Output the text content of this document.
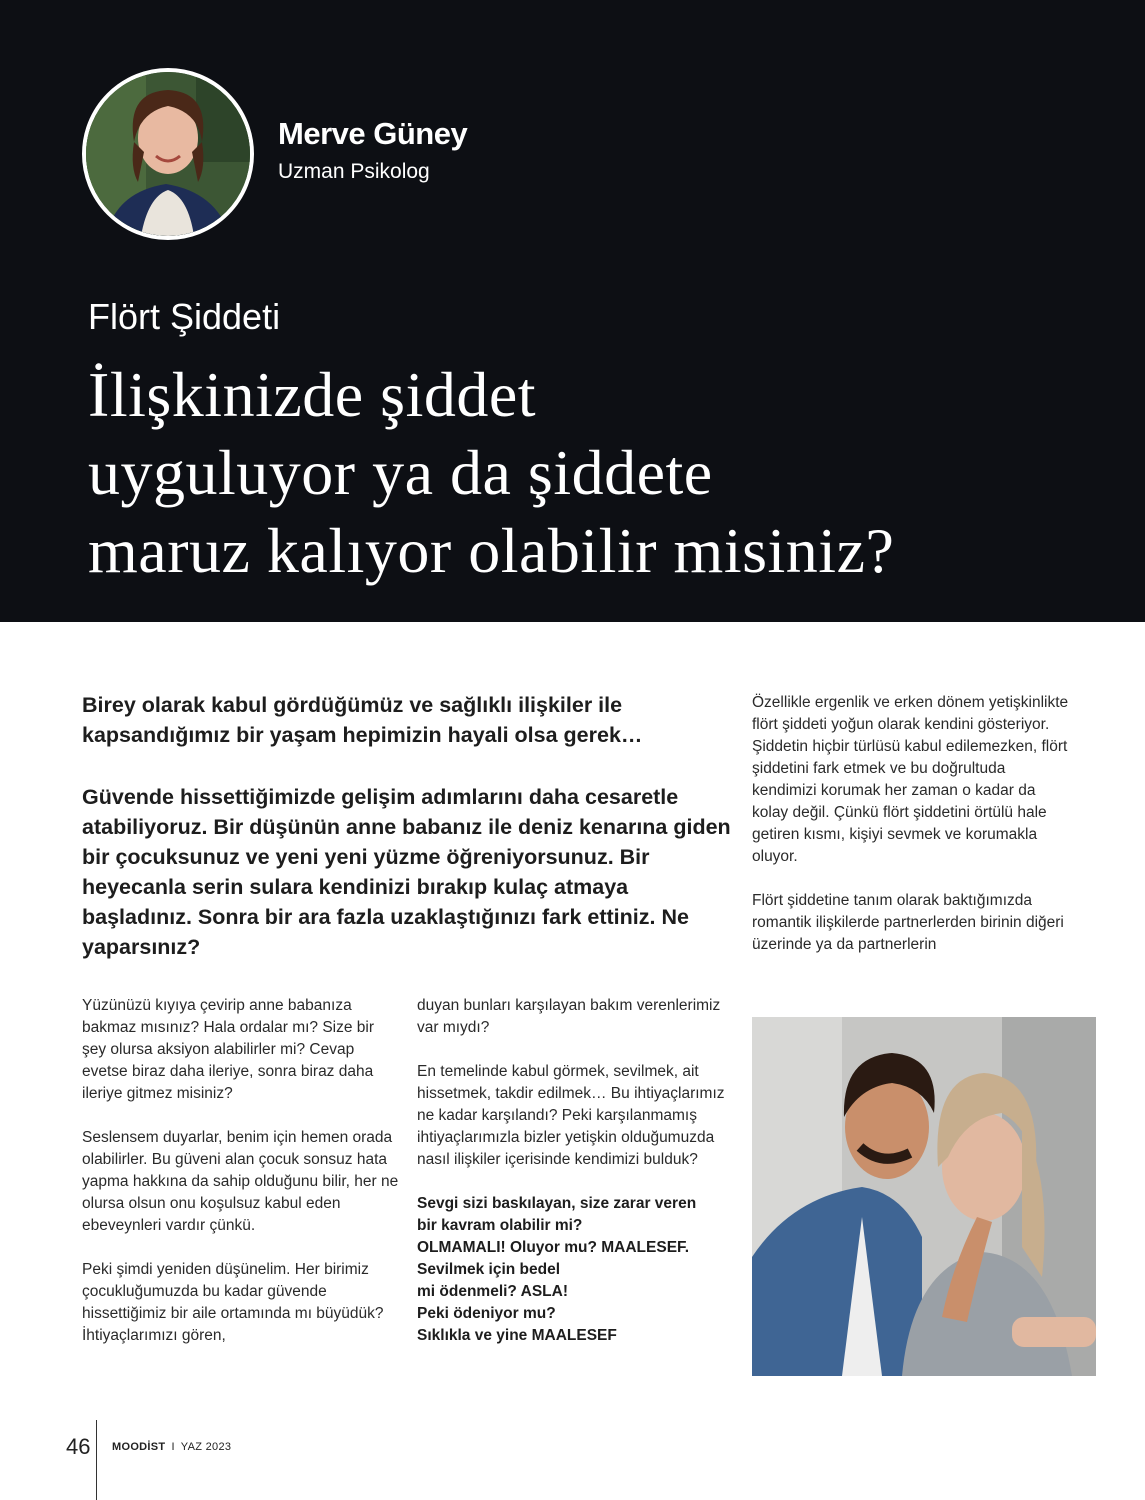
Merve Güney

Uzman Psikolog

Flört Şiddeti
İlişkinizde şiddet
uyguluyor ya da şiddete
maruz kalıyor olabilir misiniz?

Birey olarak kabul gördüğümüz ve sağlıklı ilişkiler ile kapsandığımız bir yaşam hepimizin hayali olsa gerek…

Güvende hissettiğimizde gelişim adımlarını daha cesaretle atabiliyoruz. Bir düşünün anne babanız ile deniz kenarına giden bir çocuksunuz ve yeni yeni yüzme öğreniyorsunuz. Bir heyecanla serin sulara kendinizi bırakıp kulaç atmaya başladınız. Sonra bir ara fazla uzaklaştığınızı fark ettiniz. Ne yaparsınız?

Yüzünüzü kıyıya çevirip anne babanıza bakmaz mısınız? Hala ordalar mı? Size bir şey olursa aksiyon alabilirler mi? Cevap evetse biraz daha ileriye, sonra biraz daha ileriye gitmez misiniz?

Seslensem duyarlar, benim için hemen orada olabilirler. Bu güveni alan çocuk sonsuz hata yapma hakkına da sahip olduğunu bilir, her ne olursa olsun onu koşulsuz kabul eden ebeveynleri vardır çünkü.

Peki şimdi yeniden düşünelim. Her birimiz çocukluğumuzda bu kadar güvende hissettiğimiz bir aile ortamında mı büyüdük? İhtiyaçlarımızı gören,

duyan bunları karşılayan bakım verenlerimiz var mıydı?

En temelinde kabul görmek, sevilmek, ait hissetmek, takdir edilmek… Bu ihtiyaçlarımız ne kadar karşılandı? Peki karşılanmamış ihtiyaçlarımızla bizler yetişkin olduğumuzda nasıl ilişkiler içerisinde kendimizi bulduk?

Sevgi sizi baskılayan, size zarar veren
bir kavram olabilir mi?
OLMAMALI! Oluyor mu? MAALESEF.
Sevilmek için bedel
mi ödenmeli? ASLA!
Peki ödeniyor mu?
Sıklıkla ve yine MAALESEF

Özellikle ergenlik ve erken dönem yetişkinlikte flört şiddeti yoğun olarak kendini gösteriyor. Şiddetin hiçbir türlüsü kabul edilemezken, flört şiddetini fark etmek ve bu doğrultuda kendimizi korumak her zaman o kadar da kolay değil. Çünkü flört şiddetini örtülü hale getiren kısmı, kişiyi sevmek ve korumakla oluyor.

Flört şiddetine tanım olarak baktığımızda romantik ilişkilerde partnerlerden birinin diğeri üzerinde ya da partnerlerin

46 MOODİST I YAZ 2023
